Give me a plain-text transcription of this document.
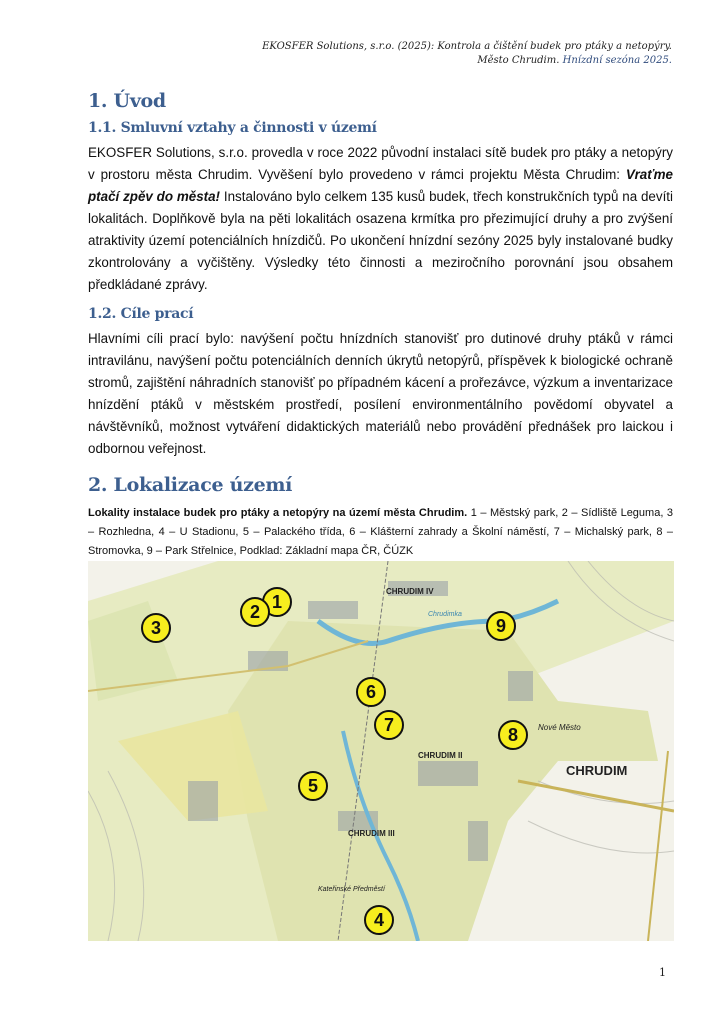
EKOSFER Solutions, s.r.o. (2025): Kontrola a čištění budek pro ptáky a netopýry.
Město Chrudim. Hnízdní sezóna 2025.
1. Úvod
1.1. Smluvní vztahy a činnosti v území

EKOSFER Solutions, s.r.o. provedla v roce 2022 původní instalaci sítě budek pro ptáky a netopýry v prostoru města Chrudim. Vyvěšení bylo provedeno v rámci projektu Města Chrudim: Vraťme ptačí zpěv do města! Instalováno bylo celkem 135 kusů budek, třech konstrukčních typů na devíti lokalitách. Doplňkově byla na pěti lokalitách osazena krmítka pro přezimující druhy a pro zvýšení atraktivity území potenciálních hnízdičů. Po ukončení hnízdní sezóny 2025 byly instalované budky zkontrolovány a vyčištěny. Výsledky této činnosti a meziročního porovnání jsou obsahem předkládané zprávy.

1.2. Cíle prací

Hlavními cíli prací bylo: navýšení počtu hnízdních stanovišť pro dutinové druhy ptáků v rámci intravilánu, navýšení počtu potenciálních denních úkrytů netopýrů, příspěvek k biologické ochraně stromů, zajištění náhradních stanovišť po případném kácení a prořezávce, výzkum a inventarizace hnízdění ptáků v městském prostředí, posílení environmentálního povědomí obyvatel a návštěvníků, možnost vytváření didaktických materiálů nebo provádění přednášek pro laickou i odbornou veřejnost.

2. Lokalizace území

Lokality instalace budek pro ptáky a netopýry na území města Chrudim. 1 – Městský park, 2 – Sídliště Leguma, 3 – Rozhledna, 4 – U Stadionu, 5 – Palackého třída, 6 – Klášterní zahrady a Školní náměstí, 7 – Michalský park, 8 – Stromovka, 9 – Park Střelnice, Podklad: Základní mapa ČR, ČÚZK

CHRUDIM
CHRUDIM II
CHRUDIM III
CHRUDIM IV
Nové Město
Chrudimka
Kateřinské Předměstí
1
2
3
4
5
6
7	8
9
1
